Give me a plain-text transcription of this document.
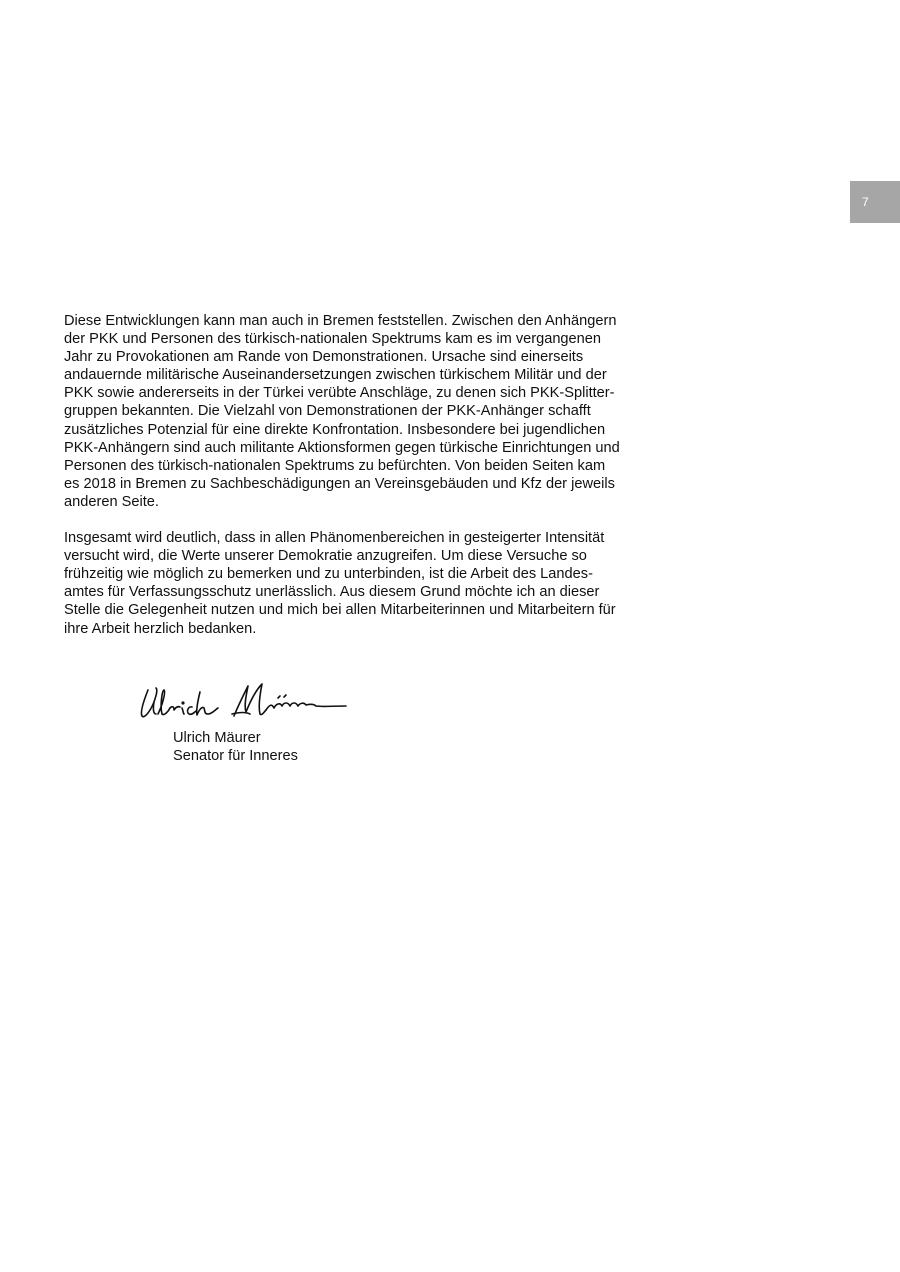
7

Diese Entwicklungen kann man auch in Bremen feststellen. Zwischen den Anhängern
der PKK und Personen des türkisch-nationalen Spektrums kam es im vergangenen
Jahr zu Provokationen am Rande von Demonstrationen. Ursache sind einerseits
andauernde militärische Auseinandersetzungen zwischen türkischem Militär und der
PKK sowie andererseits in der Türkei verübte Anschläge, zu denen sich PKK-Splitter-
gruppen bekannten. Die Vielzahl von Demonstrationen der PKK-Anhänger schafft
zusätzliches Potenzial für eine direkte Konfrontation. Insbesondere bei jugendlichen
PKK-Anhängern sind auch militante Aktionsformen gegen türkische Einrichtungen und
Personen des türkisch-nationalen Spektrums zu befürchten. Von beiden Seiten kam
es 2018 in Bremen zu Sachbeschädigungen an Vereinsgebäuden und Kfz der jeweils
anderen Seite.

Insgesamt wird deutlich, dass in allen Phänomenbereichen in gesteigerter Intensität
versucht wird, die Werte unserer Demokratie anzugreifen. Um diese Versuche so
frühzeitig wie möglich zu bemerken und zu unterbinden, ist die Arbeit des Landes-
amtes für Verfassungsschutz unerlässlich. Aus diesem Grund möchte ich an dieser
Stelle die Gelegenheit nutzen und mich bei allen Mitarbeiterinnen und Mitarbeitern für
ihre Arbeit herzlich bedanken.

Ulrich Mäurer
Senator für Inneres
